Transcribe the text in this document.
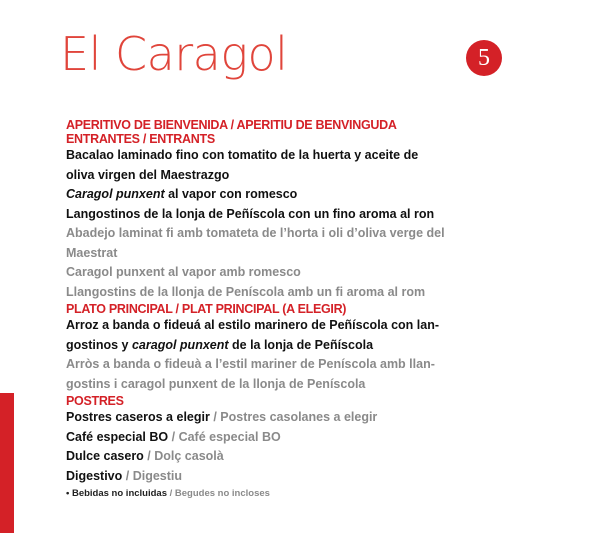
El Caragol	5
APERITIVO DE BIENVENIDA / APERITIU DE BENVINGUDA
ENTRANTES / ENTRANTS
Bacalao laminado fino con tomatito de la huerta y aceite de
oliva virgen del Maestrazgo
Caragol punxent al vapor con romesco
Langostinos de la lonja de Peñíscola con un fino aroma al ron
Abadejo laminat fi amb tomateta de l’horta i oli d’oliva verge del
Maestrat
Caragol punxent al vapor amb romesco
Llangostins de la llonja de Peníscola amb un fi aroma al rom
PLATO PRINCIPAL / PLAT PRINCIPAL (A ELEGIR)
Arroz a banda o fideuá al estilo marinero de Peñíscola con lan-
gostinos y caragol punxent de la lonja de Peñíscola
Arròs a banda o fideuà a l’estil mariner de Peníscola amb llan-
gostins i caragol punxent de la llonja de Peníscola
POSTRES
Postres caseros a elegir / Postres casolanes a elegir
Café especial BO / Café especial BO
Dulce casero / Dolç casolà
Digestivo / Digestiu
• Bebidas no incluidas / Begudes no incloses
